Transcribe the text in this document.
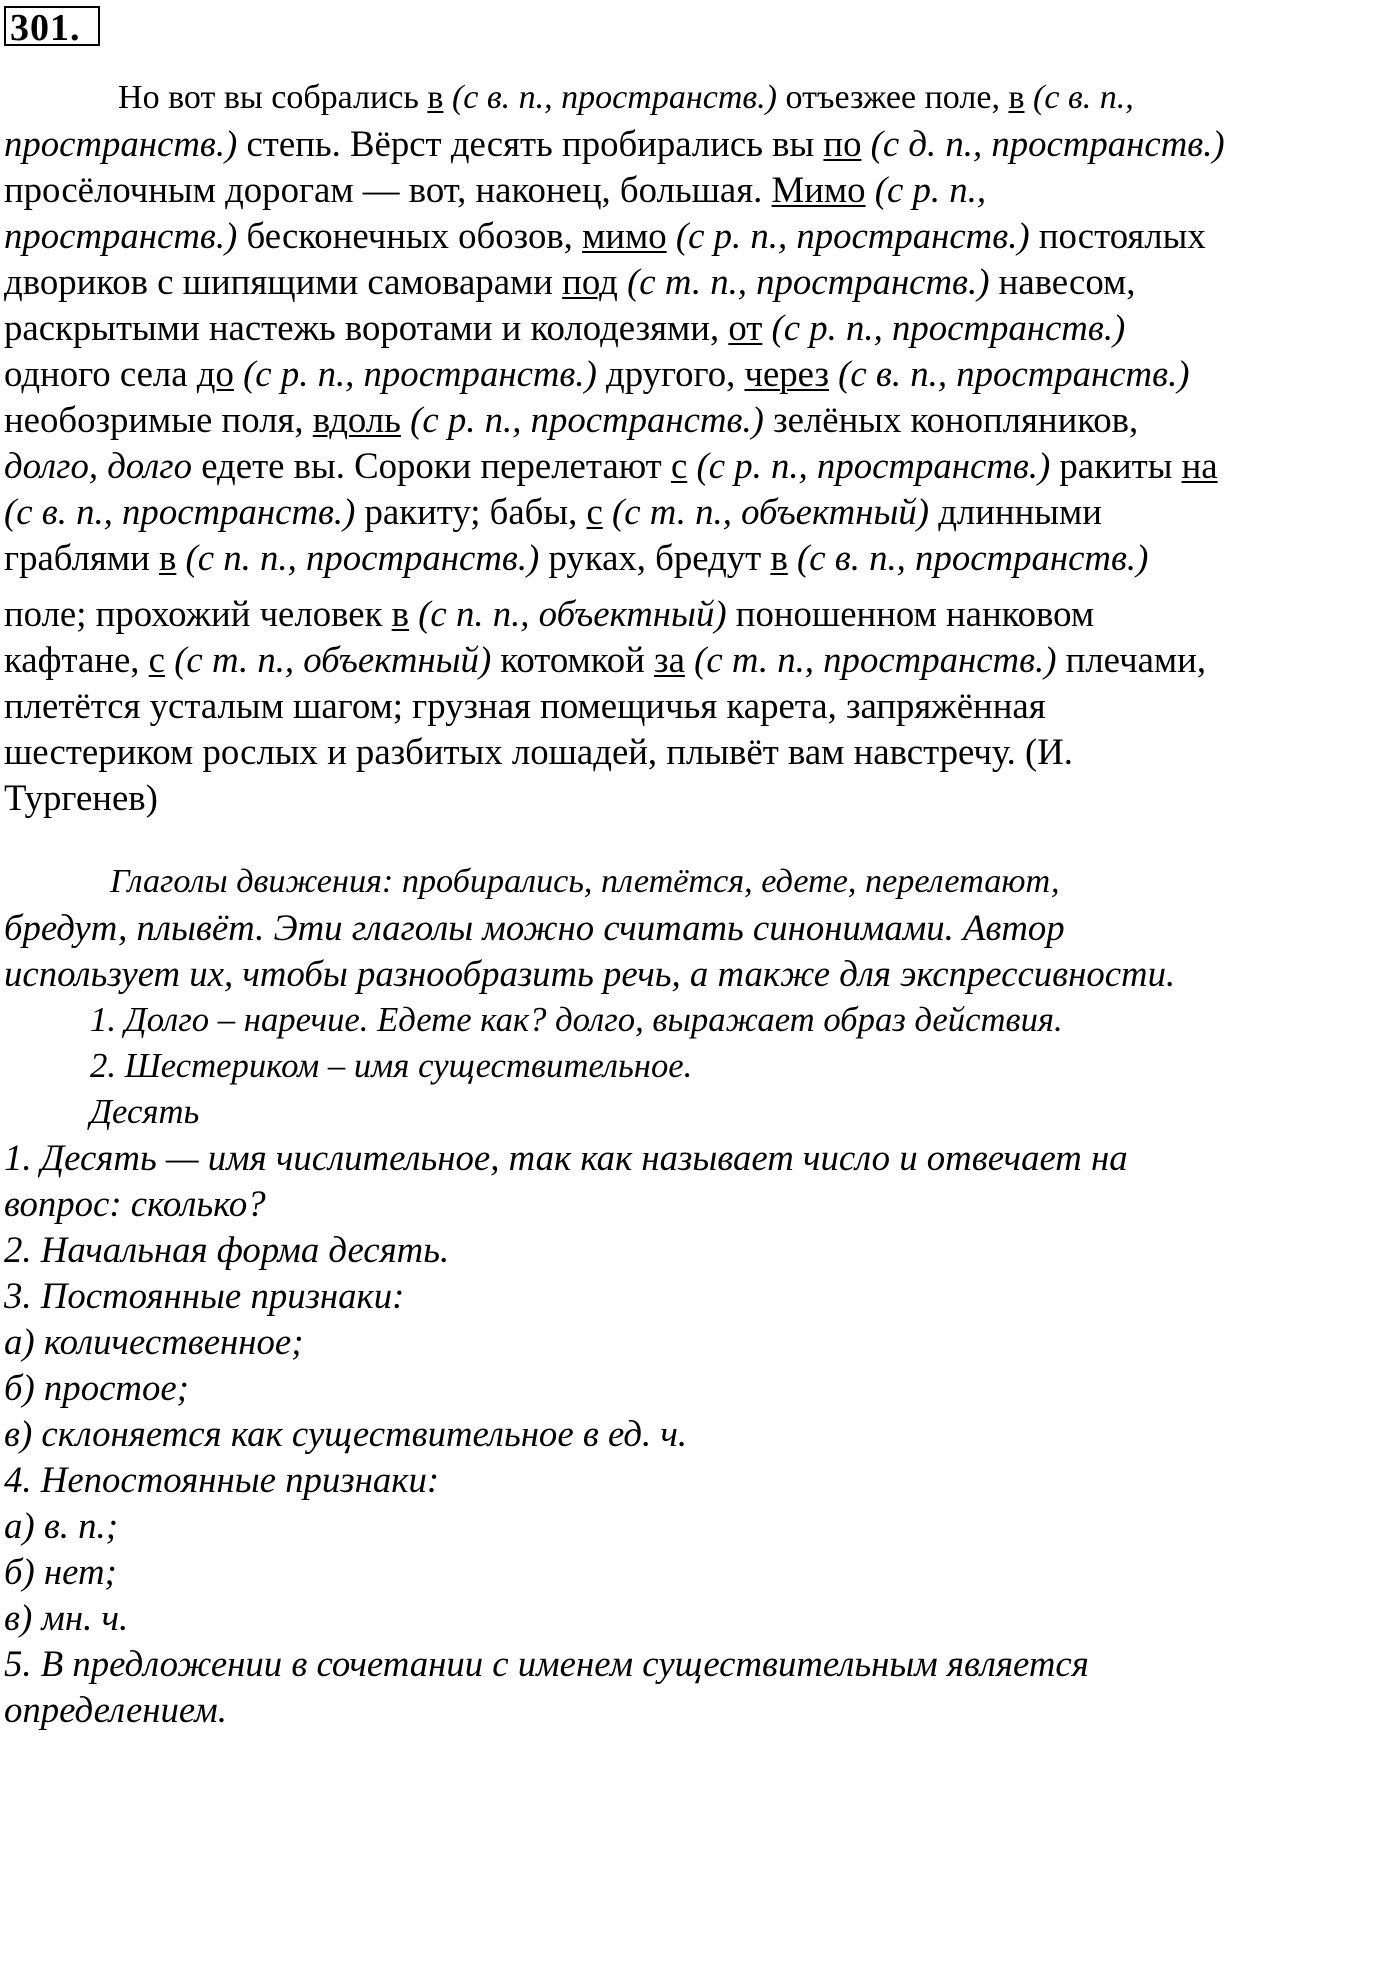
301.
Но вот вы собрались в (с в. п., пространств.) отъезжее поле, в (с в. п.,
пространств.) степь. Вёрст десять пробирались вы по (с д. п., пространств.)
просёлочным дорогам — вот, наконец, большая. Мимо (с р. п.,
пространств.) бесконечных обозов, мимо (с р. п., пространств.) постоялых
двориков с шипящими самоварами под (с т. п., пространств.) навесом,
раскрытыми настежь воротами и колодезями, от (с р. п., пространств.)
одного села до (с р. п., пространств.) другого, через (с в. п., пространств.)
необозримые поля, вдоль (с р. п., пространств.) зелёных конопляников,
долго, долго едете вы. Сороки перелетают с (с р. п., пространств.) ракиты на
(с в. п., пространств.) ракиту; бабы, с (с т. п., объектный) длинными
граблями в (с п. п., пространств.) руках, бредут в (с в. п., пространств.)
поле; прохожий человек в (с п. п., объектный) поношенном нанковом
кафтане, с (с т. п., объектный) котомкой за (с т. п., пространств.) плечами,
плетётся усталым шагом; грузная помещичья карета, запряжённая
шестериком рослых и разбитых лошадей, плывёт вам навстречу. (И.
Тургенев)
Глаголы движения: пробирались, плетётся, едете, перелетают,
бредут, плывёт. Эти глаголы можно считать синонимами. Автор
использует их, чтобы разнообразить речь, а также для экспрессивности.
1. Долго – наречие. Едете как? долго, выражает образ действия.
2. Шестериком – имя существительное.
Десять
1. Десять — имя числительное, так как называет число и отвечает на
вопрос: сколько?
2. Начальная форма десять.
3. Постоянные признаки:
а) количественное;
б) простое;
в) склоняется как существительное в ед. ч.
4. Непостоянные признаки:
а) в. п.;
б) нет;
в) мн. ч.
5. В предложении в сочетании с именем существительным является
определением.
